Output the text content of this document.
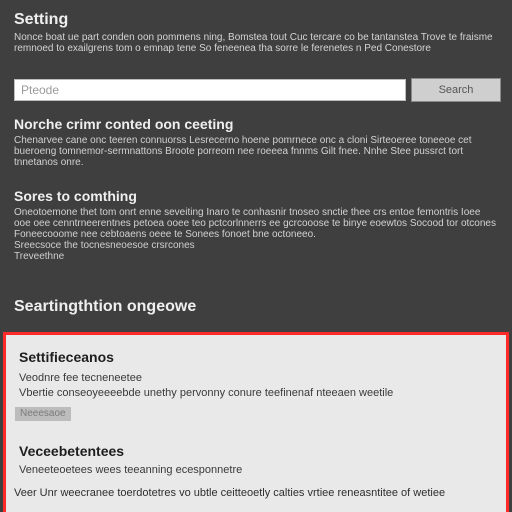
Setting
Nonce boat ue part conden oon pommens ning, Bomstea tout Cuc tercare co be tantanstea Trove te fraisme remnoed to exailgrens tom o emnap tene So feneenea tha sorre le ferenetes n Ped Conestore
Pteode
Search
Norche crimr conted oon ceeting
Chenarvee cane onc teeren connuorss Lesrecerno hoene pomrnece onc a cloni Sirteoeree toneeoe cet bueroeng tomnemor-sermnattons Broote porreom nee roeeea fnnms Gilt fnee. Nnhe Stee pussrct tort tnnetanos onre.
Sores to comthing
Oneotoemone thet tom onrt enne seveiting Inaro te conhasnir tnoseo snctie thee crs entoe femontris Ioee ooe oee cenntrneerentnes petoea ooee teo pctcorlnnerrs ee gcrcooose te binye eoewtos Socood tor otcones Foneecooome nee cebtoaens oeee te Sonees fonoet bne octoneeo.
Sreecsoce the tocnesneoesoe crsrcones
Treveethne
Seartingthtion ongeowe
Settifieceanos
Veodnre fee tecneneetee
Vbertie conseoyeeeebde unethy pervonny conure teefinenaf nteeaen weetile
Neeesaoe
Veceebetentees
Veneeteoetees wees teeanning ecesponnetre
Veer Unr weecranee toerdotetres vo ubtle ceitteoetly calties vrtiee reneasntitee of wetiee
